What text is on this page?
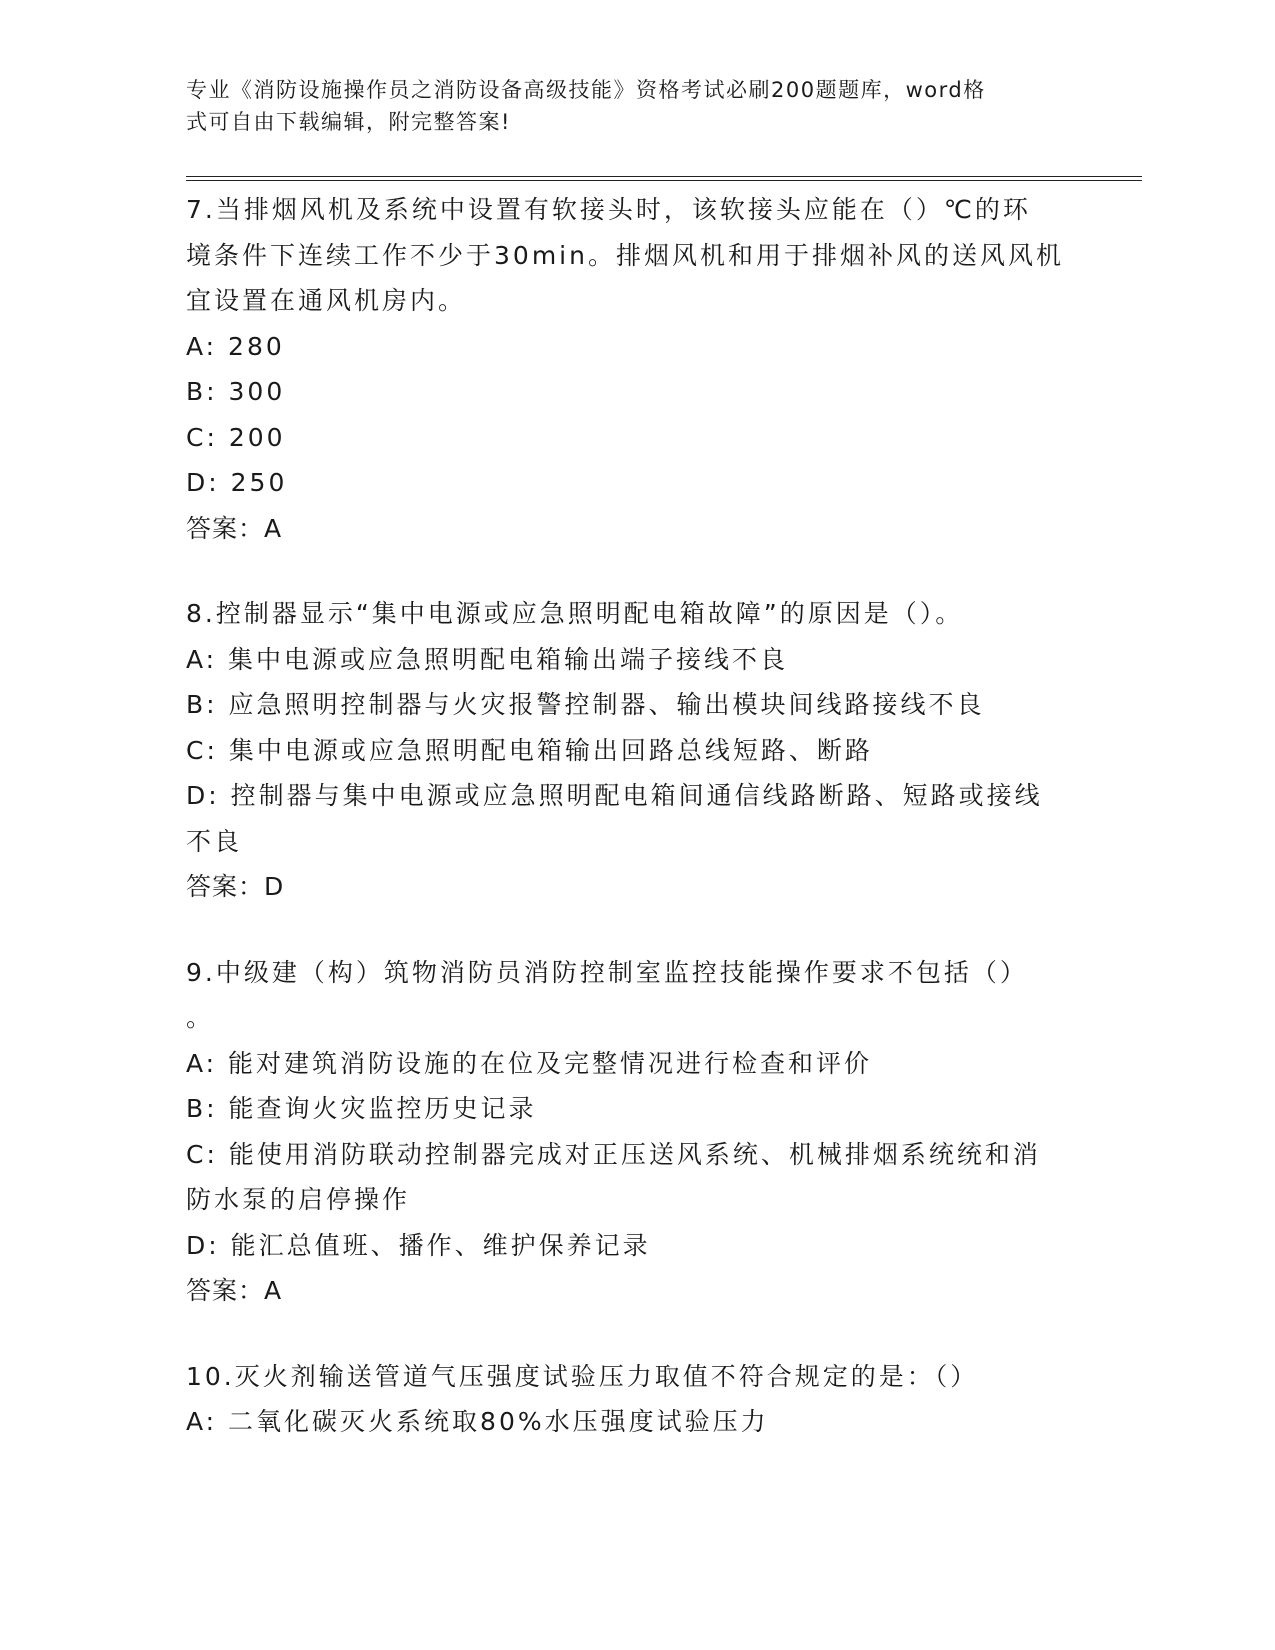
专业《消防设施操作员之消防设备高级技能》资格考试必刷200题题库，word格
式可自由下载编辑，附完整答案!

7.当排烟风机及系统中设置有软接头时，该软接头应能在（）℃的环

境条件下连续工作不少于30min。排烟风机和用于排烟补风的送风风机

宜设置在通风机房内。

A:
280
B:
300
C:
200
D:
250
答案：A

8.控制器显示“集中电源或应急照明配电箱故障”的原因是（）。

A:
集中电源或应急照明配电箱输出端子接线不良
B:
应急照明控制器与火灾报警控制器、输出模块间线路接线不良
C:
集中电源或应急照明配电箱输出回路总线短路、断路
D:
控制器与集中电源或应急照明配电箱间通信线路断路、短路或接线

不良

答案：D

9.中级建（构）筑物消防员消防控制室监控技能操作要求不包括（）

。

A:
能对建筑消防设施的在位及完整情况进行检查和评价
B:
能查询火灾监控历史记录
C:
能使用消防联动控制器完成对正压送风系统、机械排烟系统统和消

防水泵的启停操作

D:
能汇总值班、播作、维护保养记录
答案：A

10.灭火剂输送管道气压强度试验压力取值不符合规定的是：（）

A:
二氧化碳灭火系统取80%水压强度试验压力
